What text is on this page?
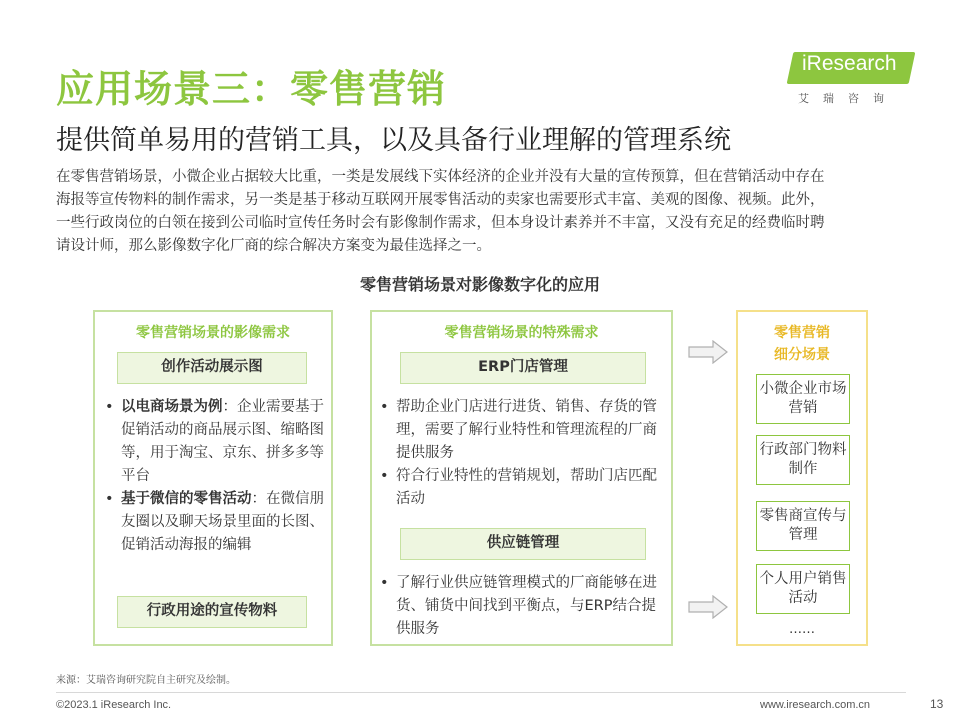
应用场景三：零售营销
提供简单易用的营销工具，以及具备行业理解的管理系统
iResearch
艾瑞咨询

在零售营销场景，小微企业占据较大比重，一类是发展线下实体经济的企业并没有大量的宣传预算，但在营销活动中存在

海报等宣传物料的制作需求，另一类是基于移动互联网开展零售活动的卖家也需要形式丰富、美观的图像、视频。此外，

一些行政岗位的白领在接到公司临时宣传任务时会有影像制作需求，但本身设计素养并不丰富，又没有充足的经费临时聘

请设计师，那么影像数字化厂商的综合解决方案变为最佳选择之一。

零售营销场景对影像数字化的应用
零售营销场景的影像需求
创作活动展示图
• 以电商场景为例：企业需要基于促销活动的商品展示图、缩略图等，用于淘宝、京东、拼多多等平台
• 基于微信的零售活动：在微信朋友圈以及聊天场景里面的长图、促销活动海报的编辑
行政用途的宣传物料
零售营销场景的特殊需求
ERP门店管理
• 帮助企业门店进行进货、销售、存货的管理，需要了解行业特性和管理流程的厂商提供服务
• 符合行业特性的营销规划，帮助门店匹配活动
供应链管理
• 了解行业供应链管理模式的厂商能够在进货、铺货中间找到平衡点，与ERP结合提供服务
零售营销
细分场景
小微企业市场营销
行政部门物料制作
零售商宣传与管理
个人用户销售活动
……
来源：艾瑞咨询研究院自主研究及绘制。
©2023.1 iResearch Inc.	www.iresearch.com.cn	13
